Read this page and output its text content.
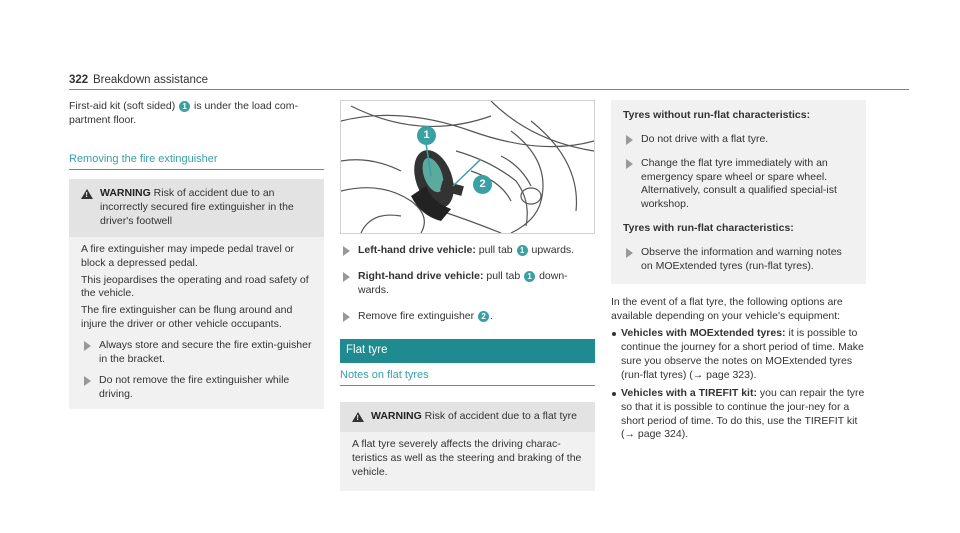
322 Breakdown assistance

First-aid kit (soft sided) 1 is under the load com-partment floor.

Removing the fire extinguisher
!
WARNING Risk of accident due to an incorrectly secured fire extinguisher in the driver's footwell

A fire extinguisher may impede pedal travel or block a depressed pedal.

This jeopardises the operating and road safety of the vehicle.

The fire extinguisher can be flung around and injure the driver or other vehicle occupants.

Always store and secure the fire extin-guisher in the bracket.
Do not remove the fire extinguisher while driving.
1
2
Left-hand drive vehicle: pull tab 1 upwards.
Right-hand drive vehicle: pull tab 1 down-wards.
Remove fire extinguisher 2 .
Flat tyre
Notes on flat tyres
!
WARNING Risk of accident due to a flat tyre

A flat tyre severely affects the driving charac-teristics as well as the steering and braking of the vehicle.

Tyres without run-flat characteristics:
Do not drive with a flat tyre.
Change the flat tyre immediately with an emergency spare wheel or spare wheel. Alternatively, consult a qualified special-ist workshop.
Tyres with run-flat characteristics:
Observe the information and warning notes on MOExtended tyres (run-flat tyres).

In the event of a flat tyre, the following options are available depending on your vehicle's equipment:

Vehicles with MOExtended tyres: it is possible to continue the journey for a short period of time. Make sure you observe the notes on MOExtended tyres (run-flat tyres) (→ page 323).
Vehicles with a TIREFIT kit: you can repair the tyre so that it is possible to continue the jour-ney for a short period of time. To do this, use the TIREFIT kit (→ page 324).
